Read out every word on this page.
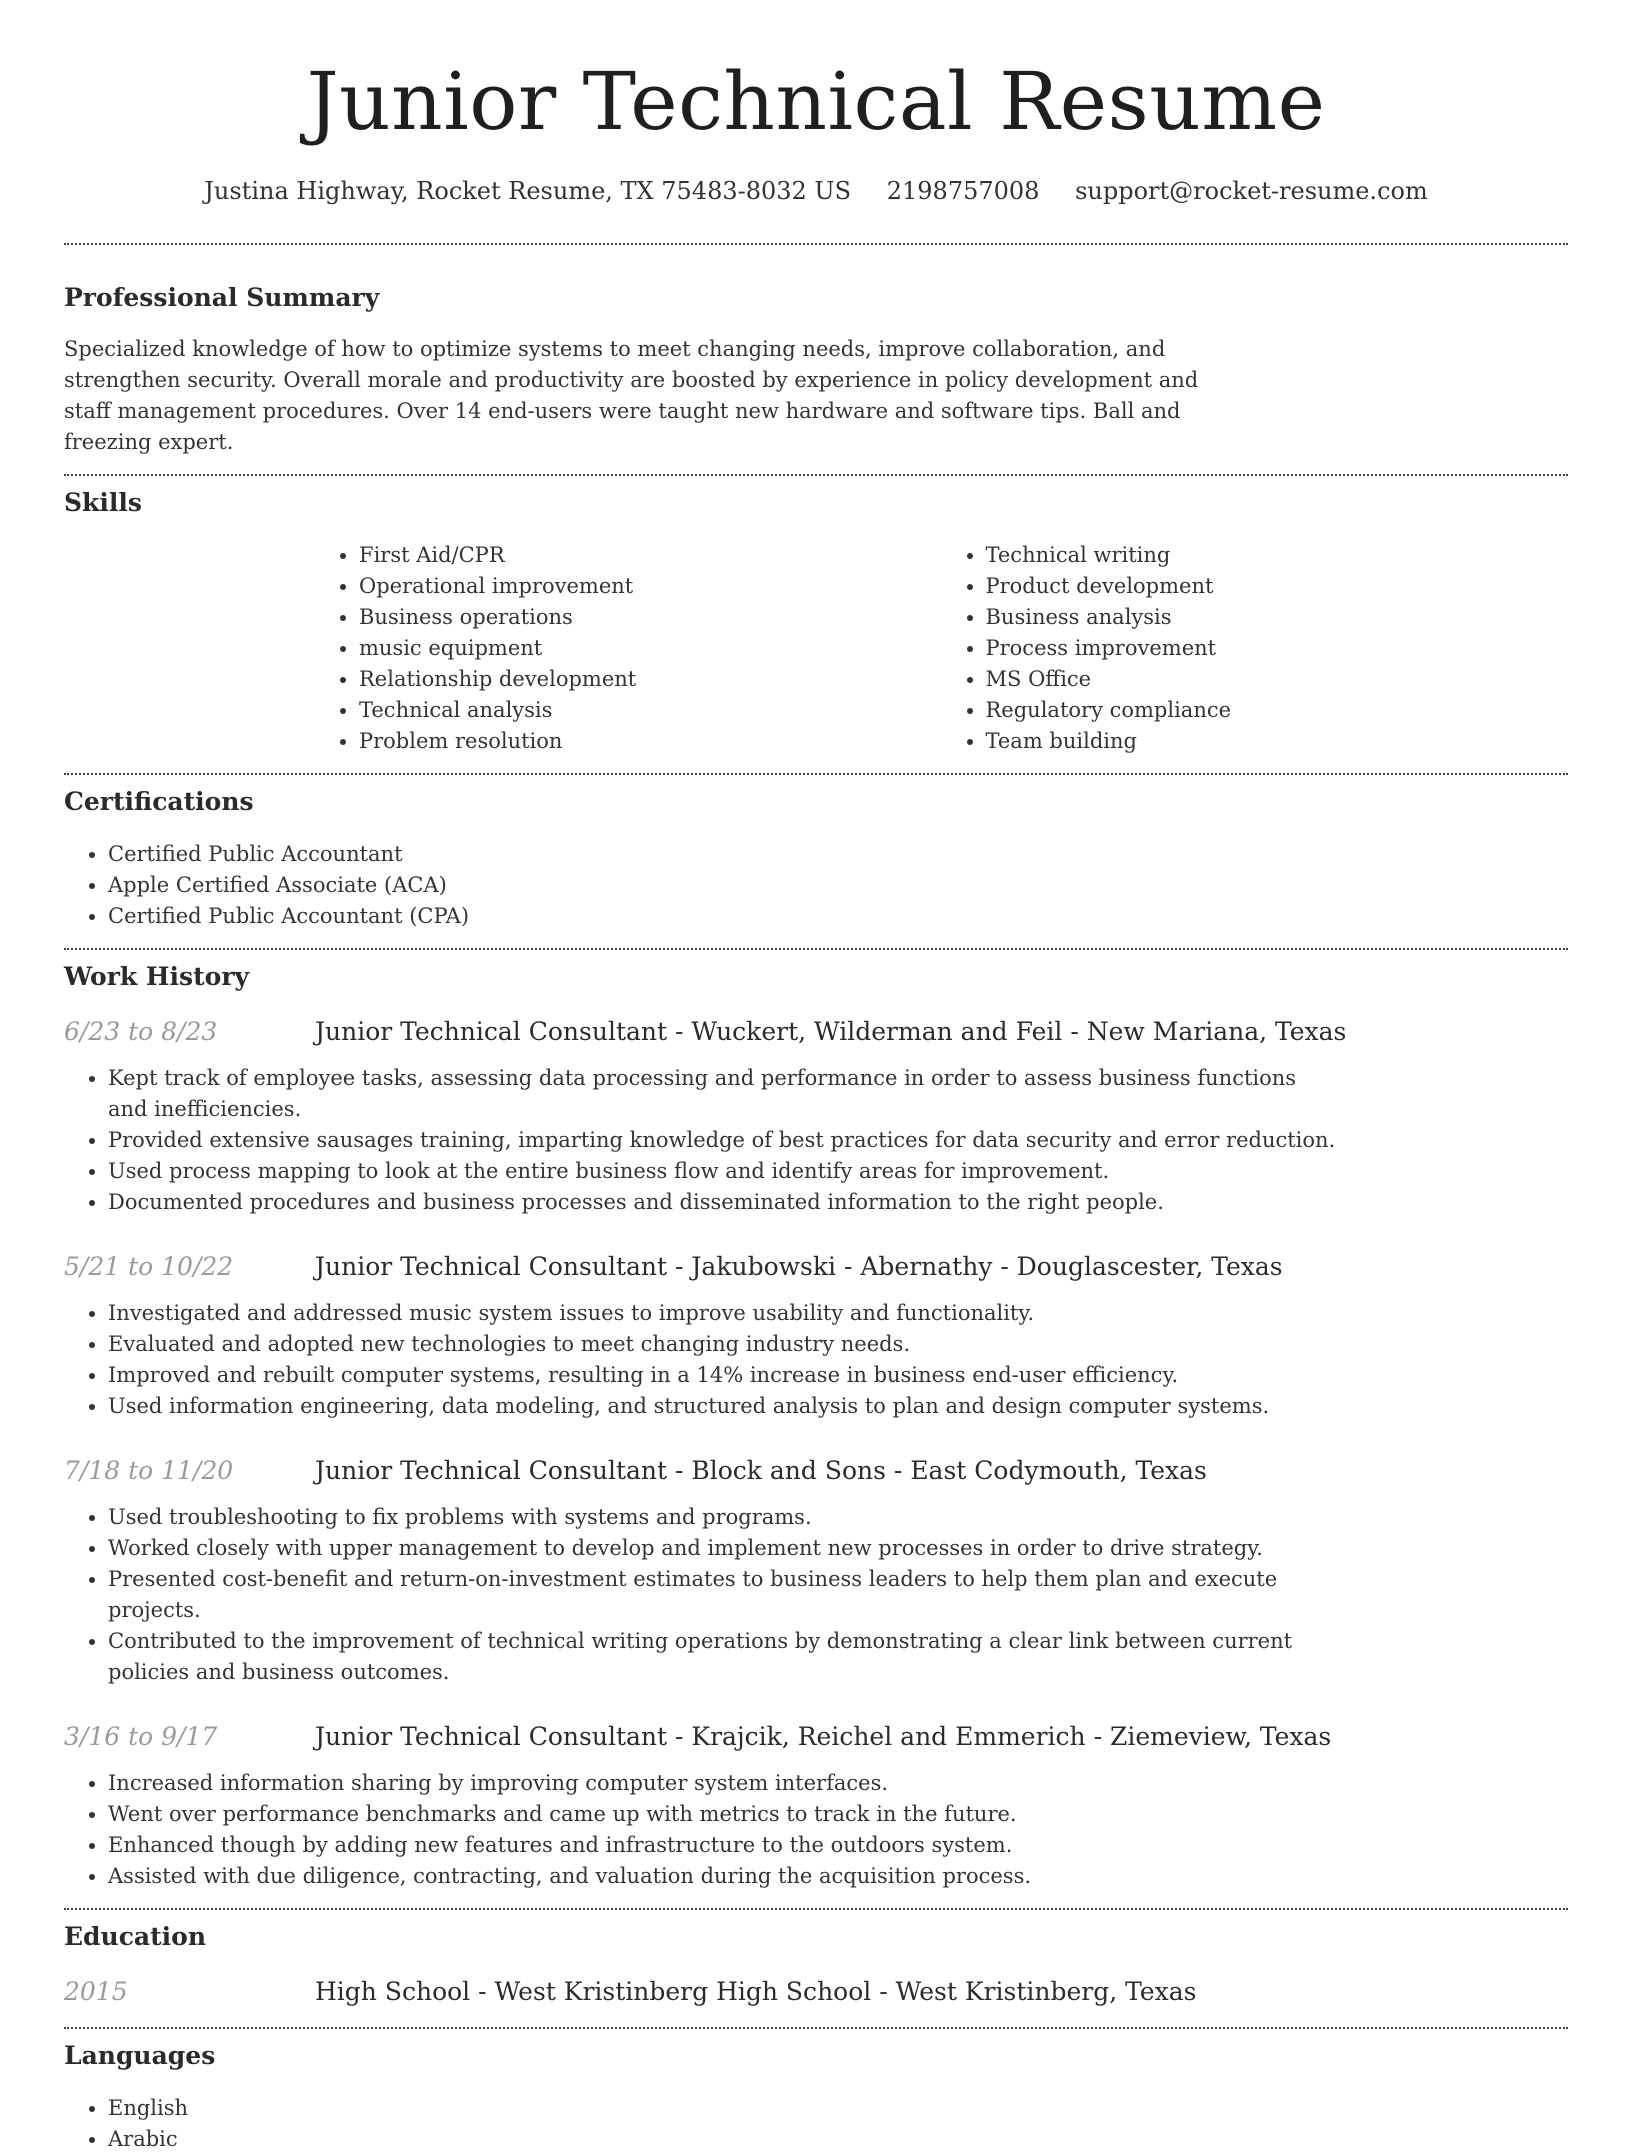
Junior Technical Resume
Justina Highway, Rocket Resume, TX 75483-8032 US 2198757008 support@rocket-resume.com
Professional Summary

Specialized knowledge of how to optimize systems to meet changing needs, improve collaboration, and strengthen security. Overall morale and productivity are boosted by experience in policy development and staff management procedures. Over 14 end-users were taught new hardware and software tips. Ball and freezing expert.

Skills
• First Aid/CPR
• Operational improvement
• Business operations
• music equipment
• Relationship development
• Technical analysis
• Problem resolution
• Technical writing
• Product development
• Business analysis
• Process improvement
• MS Office
• Regulatory compliance
• Team building
Certifications
• Certified Public Accountant
• Apple Certified Associate (ACA)
• Certified Public Accountant (CPA)
Work History
6/23 to 8/23	Junior Technical Consultant - Wuckert, Wilderman and Feil - New Mariana, Texas
• Kept track of employee tasks, assessing data processing and performance in order to assess business functions and inefficiencies.
• Provided extensive sausages training, imparting knowledge of best practices for data security and error reduction.
• Used process mapping to look at the entire business flow and identify areas for improvement.
• Documented procedures and business processes and disseminated information to the right people.
5/21 to 10/22	Junior Technical Consultant - Jakubowski - Abernathy - Douglascester, Texas
• Investigated and addressed music system issues to improve usability and functionality.
• Evaluated and adopted new technologies to meet changing industry needs.
• Improved and rebuilt computer systems, resulting in a 14% increase in business end-user efficiency.
• Used information engineering, data modeling, and structured analysis to plan and design computer systems.
7/18 to 11/20	Junior Technical Consultant - Block and Sons - East Codymouth, Texas
• Used troubleshooting to fix problems with systems and programs.
• Worked closely with upper management to develop and implement new processes in order to drive strategy.
• Presented cost-benefit and return-on-investment estimates to business leaders to help them plan and execute projects.
• Contributed to the improvement of technical writing operations by demonstrating a clear link between current policies and business outcomes.
3/16 to 9/17	Junior Technical Consultant - Krajcik, Reichel and Emmerich - Ziemeview, Texas
• Increased information sharing by improving computer system interfaces.
• Went over performance benchmarks and came up with metrics to track in the future.
• Enhanced though by adding new features and infrastructure to the outdoors system.
• Assisted with due diligence, contracting, and valuation during the acquisition process.
Education
2015	High School - West Kristinberg High School - West Kristinberg, Texas
Languages
• English
• Arabic
